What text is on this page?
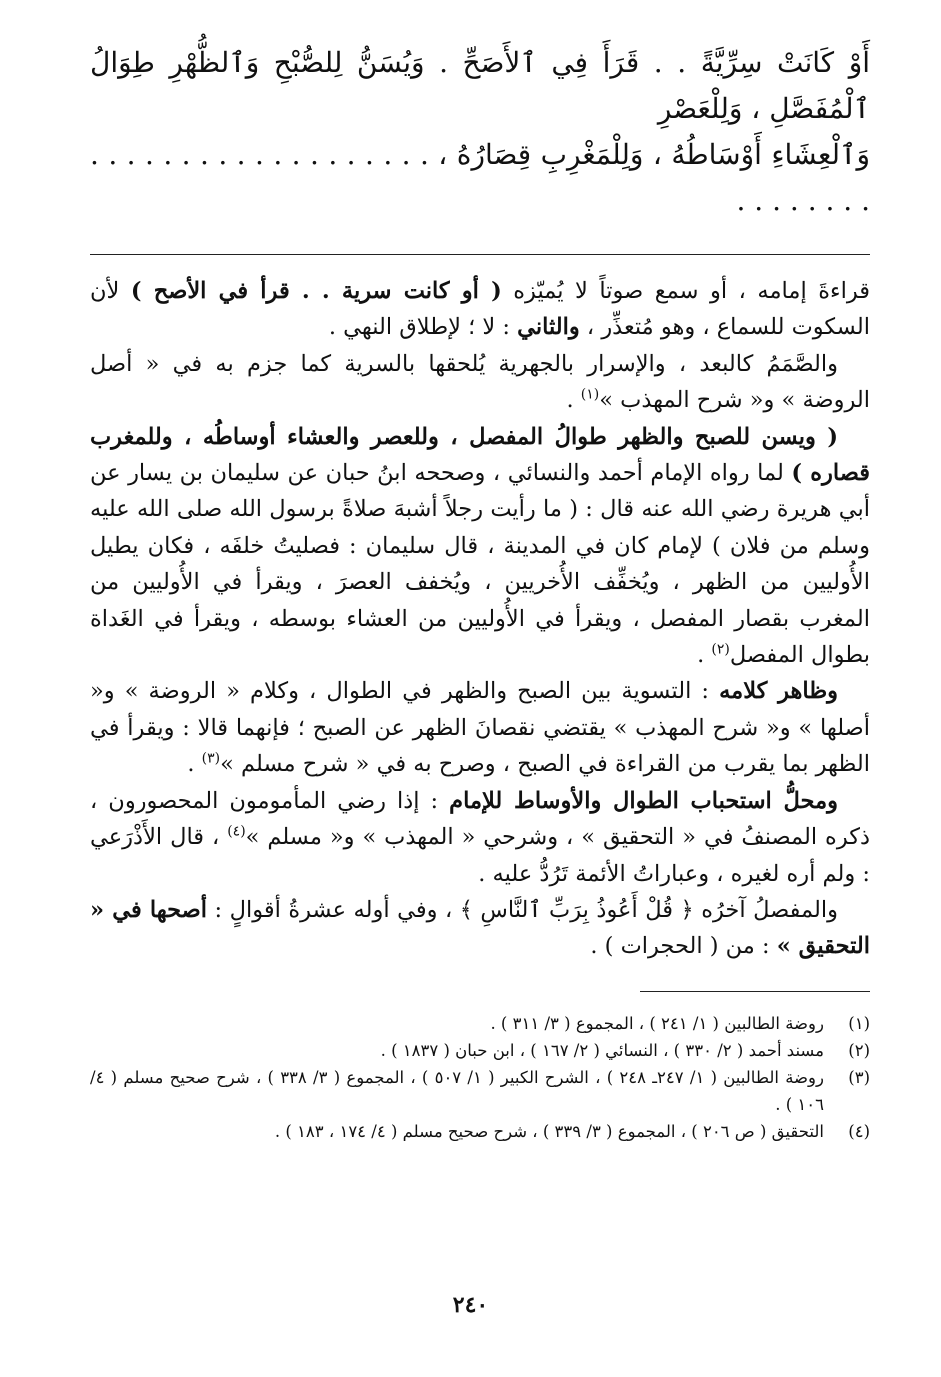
أَوْ كَانَتْ سِرِّيَّةً . . قَرَأَ فِي ٱلأَصَحِّ . وَيُسَنُّ لِلصُّبْحِ وَٱلظُّهْرِ طِوَالُ ٱلْمُفَصَّلِ ، وَلِلْعَصْرِ
وَٱلْعِشَاءِ أَوْسَاطُهُ ، وَلِلْمَغْرِبِ قِصَارُهُ ، . . . . . . . . . . . . . . . . . . . . . . . . . . .

قراءةَ إمامه ، أو سمع صوتاً لا يُميّزه ( أو كانت سرية . . قرأ في الأصح ) لأن السكوت للسماع ، وهو مُتعذِّر ، والثاني : لا ؛ لإطلاق النهي .

والصَّمَمُ كالبعد ، والإسرار بالجهرية يُلحقها بالسرية كما جزم به في « أصل الروضة » و« شرح المهذب »$^{(١)}$ .

( ويسن للصبح والظهر طوالُ المفصل ، وللعصر والعشاء أوساطُه ، وللمغرب قصاره ) لما رواه الإمام أحمد والنسائي ، وصححه ابنُ حبان عن سليمان بن يسار عن أبي هريرة رضي الله عنه قال : ( ما رأيت رجلاً أشبهَ صلاةً برسول الله صلى الله عليه وسلم من فلان ) لإمام كان في المدينة ، قال سليمان : فصليتُ خلفَه ، فكان يطيل الأُوليين من الظهر ، ويُخفِّف الأُخريين ، ويُخفف العصرَ ، ويقرأ في الأُوليين من المغرب بقصار المفصل ، ويقرأ في الأُوليين من العشاء بوسطه ، ويقرأ في الغَداة بطوال المفصل$^{(٢)}$ .

وظاهر كلامه : التسوية بين الصبح والظهر في الطوال ، وكلام « الروضة » و« أصلها » و« شرح المهذب » يقتضي نقصانَ الظهر عن الصبح ؛ فإنهما قالا : ويقرأ في الظهر بما يقرب من القراءة في الصبح ، وصرح به في « شرح مسلم »$^{(٣)}$ .

ومحلُّ استحباب الطوال والأوساط للإمام : إذا رضي المأمومون المحصورون ، ذكره المصنفُ في « التحقيق » ، وشرحي « المهذب » و« مسلم »$^{(٤)}$ ، قال الأَذْرَعي : ولم أره لغيره ، وعباراتُ الأئمة تَرُدُّ عليه .

والمفصلُ آخرُه ﴿ قُلْ أَعُوذُ بِرَبِّ ٱلنَّاسِ ﴾ ، وفي أوله عشرةُ أقوالٍ : أصحها في « التحقيق » : من ( الحجرات ) .

(١)
روضة الطالبين ( ١/ ٢٤١ ) ، المجموع ( ٣/ ٣١١ ) .
(٢)
مسند أحمد ( ٢/ ٣٣٠ ) ، النسائي ( ٢/ ١٦٧ ) ، ابن حبان ( ١٨٣٧ ) .
(٣)
روضة الطالبين ( ١/ ٢٤٧ـ ٢٤٨ ) ، الشرح الكبير ( ١/ ٥٠٧ ) ، المجموع ( ٣/ ٣٣٨ ) ، شرح صحيح مسلم ( ٤/ ١٠٦ ) .
(٤)
التحقيق ( ص ٢٠٦ ) ، المجموع ( ٣/ ٣٣٩ ) ، شرح صحيح مسلم ( ٤/ ١٧٤ ، ١٨٣ ) .
٢٤٠
